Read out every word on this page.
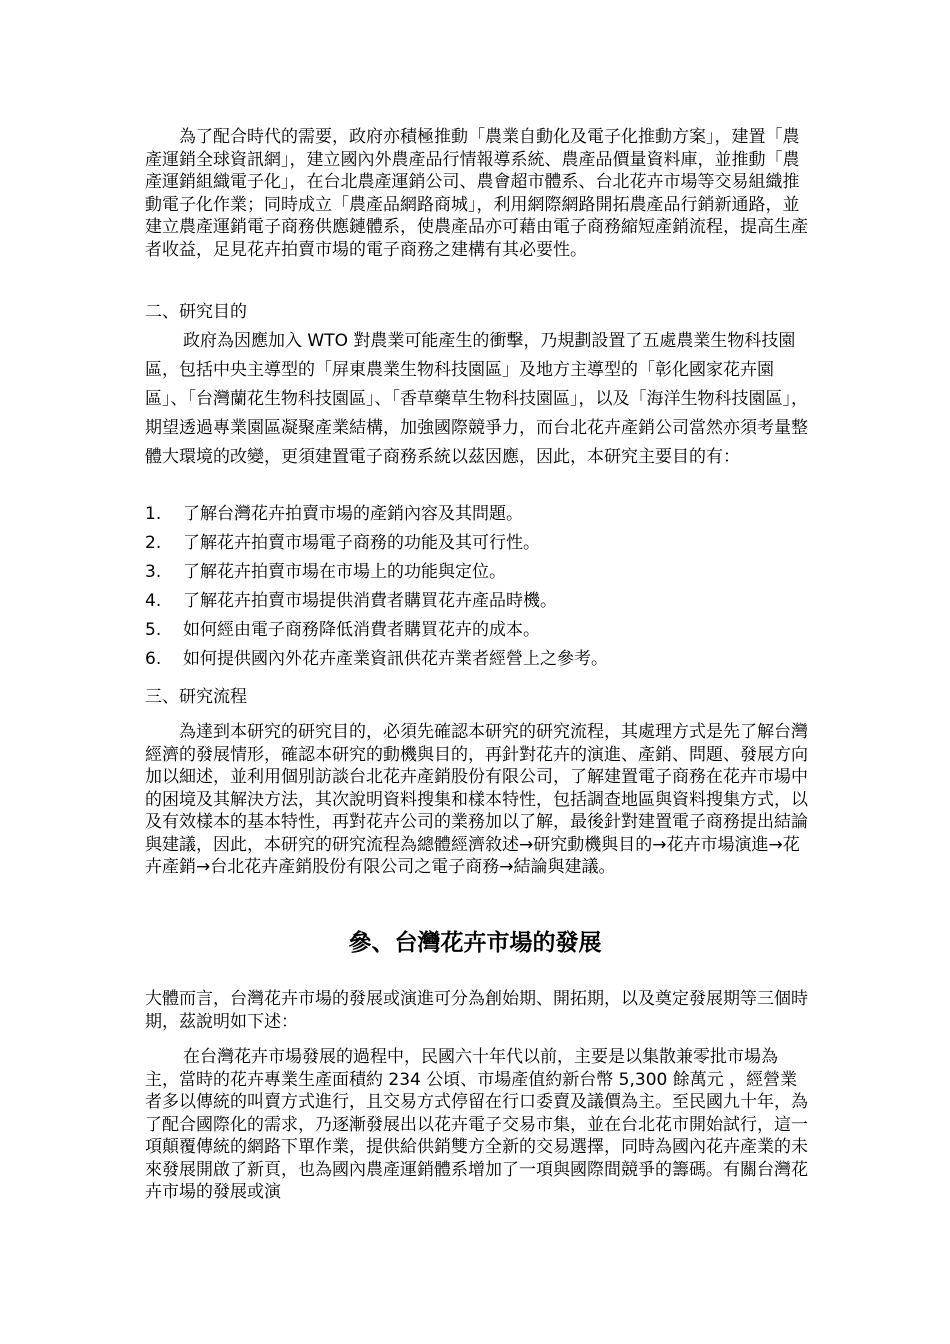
為了配合時代的需要，政府亦積極推動「農業自動化及電子化推動方案」，建置「農產運銷全球資訊網」，建立國內外農產品行情報導系統、農產品價量資料庫，並推動「農產運銷組織電子化」，在台北農產運銷公司、農會超市體系、台北花卉市場等交易組織推動電子化作業；同時成立「農產品網路商城」，利用網際網路開拓農產品行銷新通路，並建立農產運銷電子商務供應鏈體系，使農產品亦可藉由電子商務縮短產銷流程，提高生產者收益，足見花卉拍賣市場的電子商務之建構有其必要性。

二、研究目的

政府為因應加入 WTO 對農業可能產生的衝擊，乃規劃設置了五處農業生物科技園區，包括中央主導型的「屏東農業生物科技園區」及地方主導型的「彰化國家花卉園區」、「台灣蘭花生物科技園區」、「香草藥草生物科技園區」，以及「海洋生物科技園區」，期望透過專業園區凝聚產業結構，加強國際競爭力，而台北花卉產銷公司當然亦須考量整體大環境的改變，更須建置電子商務系統以茲因應，因此，本研究主要目的有：

1.	了解台灣花卉拍賣市場的產銷內容及其問題。
2.	了解花卉拍賣市場電子商務的功能及其可行性。
3.	了解花卉拍賣市場在市場上的功能與定位。
4.	了解花卉拍賣市場提供消費者購買花卉產品時機。
5.	如何經由電子商務降低消費者購買花卉的成本。
6.	如何提供國內外花卉產業資訊供花卉業者經營上之參考。

三、研究流程

為達到本研究的研究目的，必須先確認本研究的研究流程，其處理方式是先了解台灣經濟的發展情形，確認本研究的動機與目的，再針對花卉的演進、產銷、問題、發展方向加以細述，並利用個別訪談台北花卉產銷股份有限公司，了解建置電子商務在花卉市場中的困境及其解決方法，其次說明資料搜集和樣本特性，包括調查地區與資料搜集方式，以及有效樣本的基本特性，再對花卉公司的業務加以了解，最後針對建置電子商務提出結論與建議，因此，本研究的研究流程為總體經濟敘述→研究動機與目的→花卉市場演進→花卉產銷→台北花卉產銷股份有限公司之電子商務→結論與建議。

參、台灣花卉市場的發展

大體而言，台灣花卉市場的發展或演進可分為創始期、開拓期，以及奠定發展期等三個時期，茲說明如下述：

在台灣花卉市場發展的過程中，民國六十年代以前，主要是以集散兼零批市場為主，當時的花卉專業生產面積約 234 公頃、市場產值約新台幣 5,300 餘萬元 ，經營業者多以傳統的叫賣方式進行，且交易方式停留在行口委賣及議價為主。至民國九十年，為了配合國際化的需求，乃逐漸發展出以花卉電子交易市集，並在台北花市開始試行，這一項顛覆傳統的網路下單作業，提供給供銷雙方全新的交易選擇，同時為國內花卉產業的未來發展開啟了新頁，也為國內農產運銷體系增加了一項與國際間競爭的籌碼。有關台灣花卉市場的發展或演
